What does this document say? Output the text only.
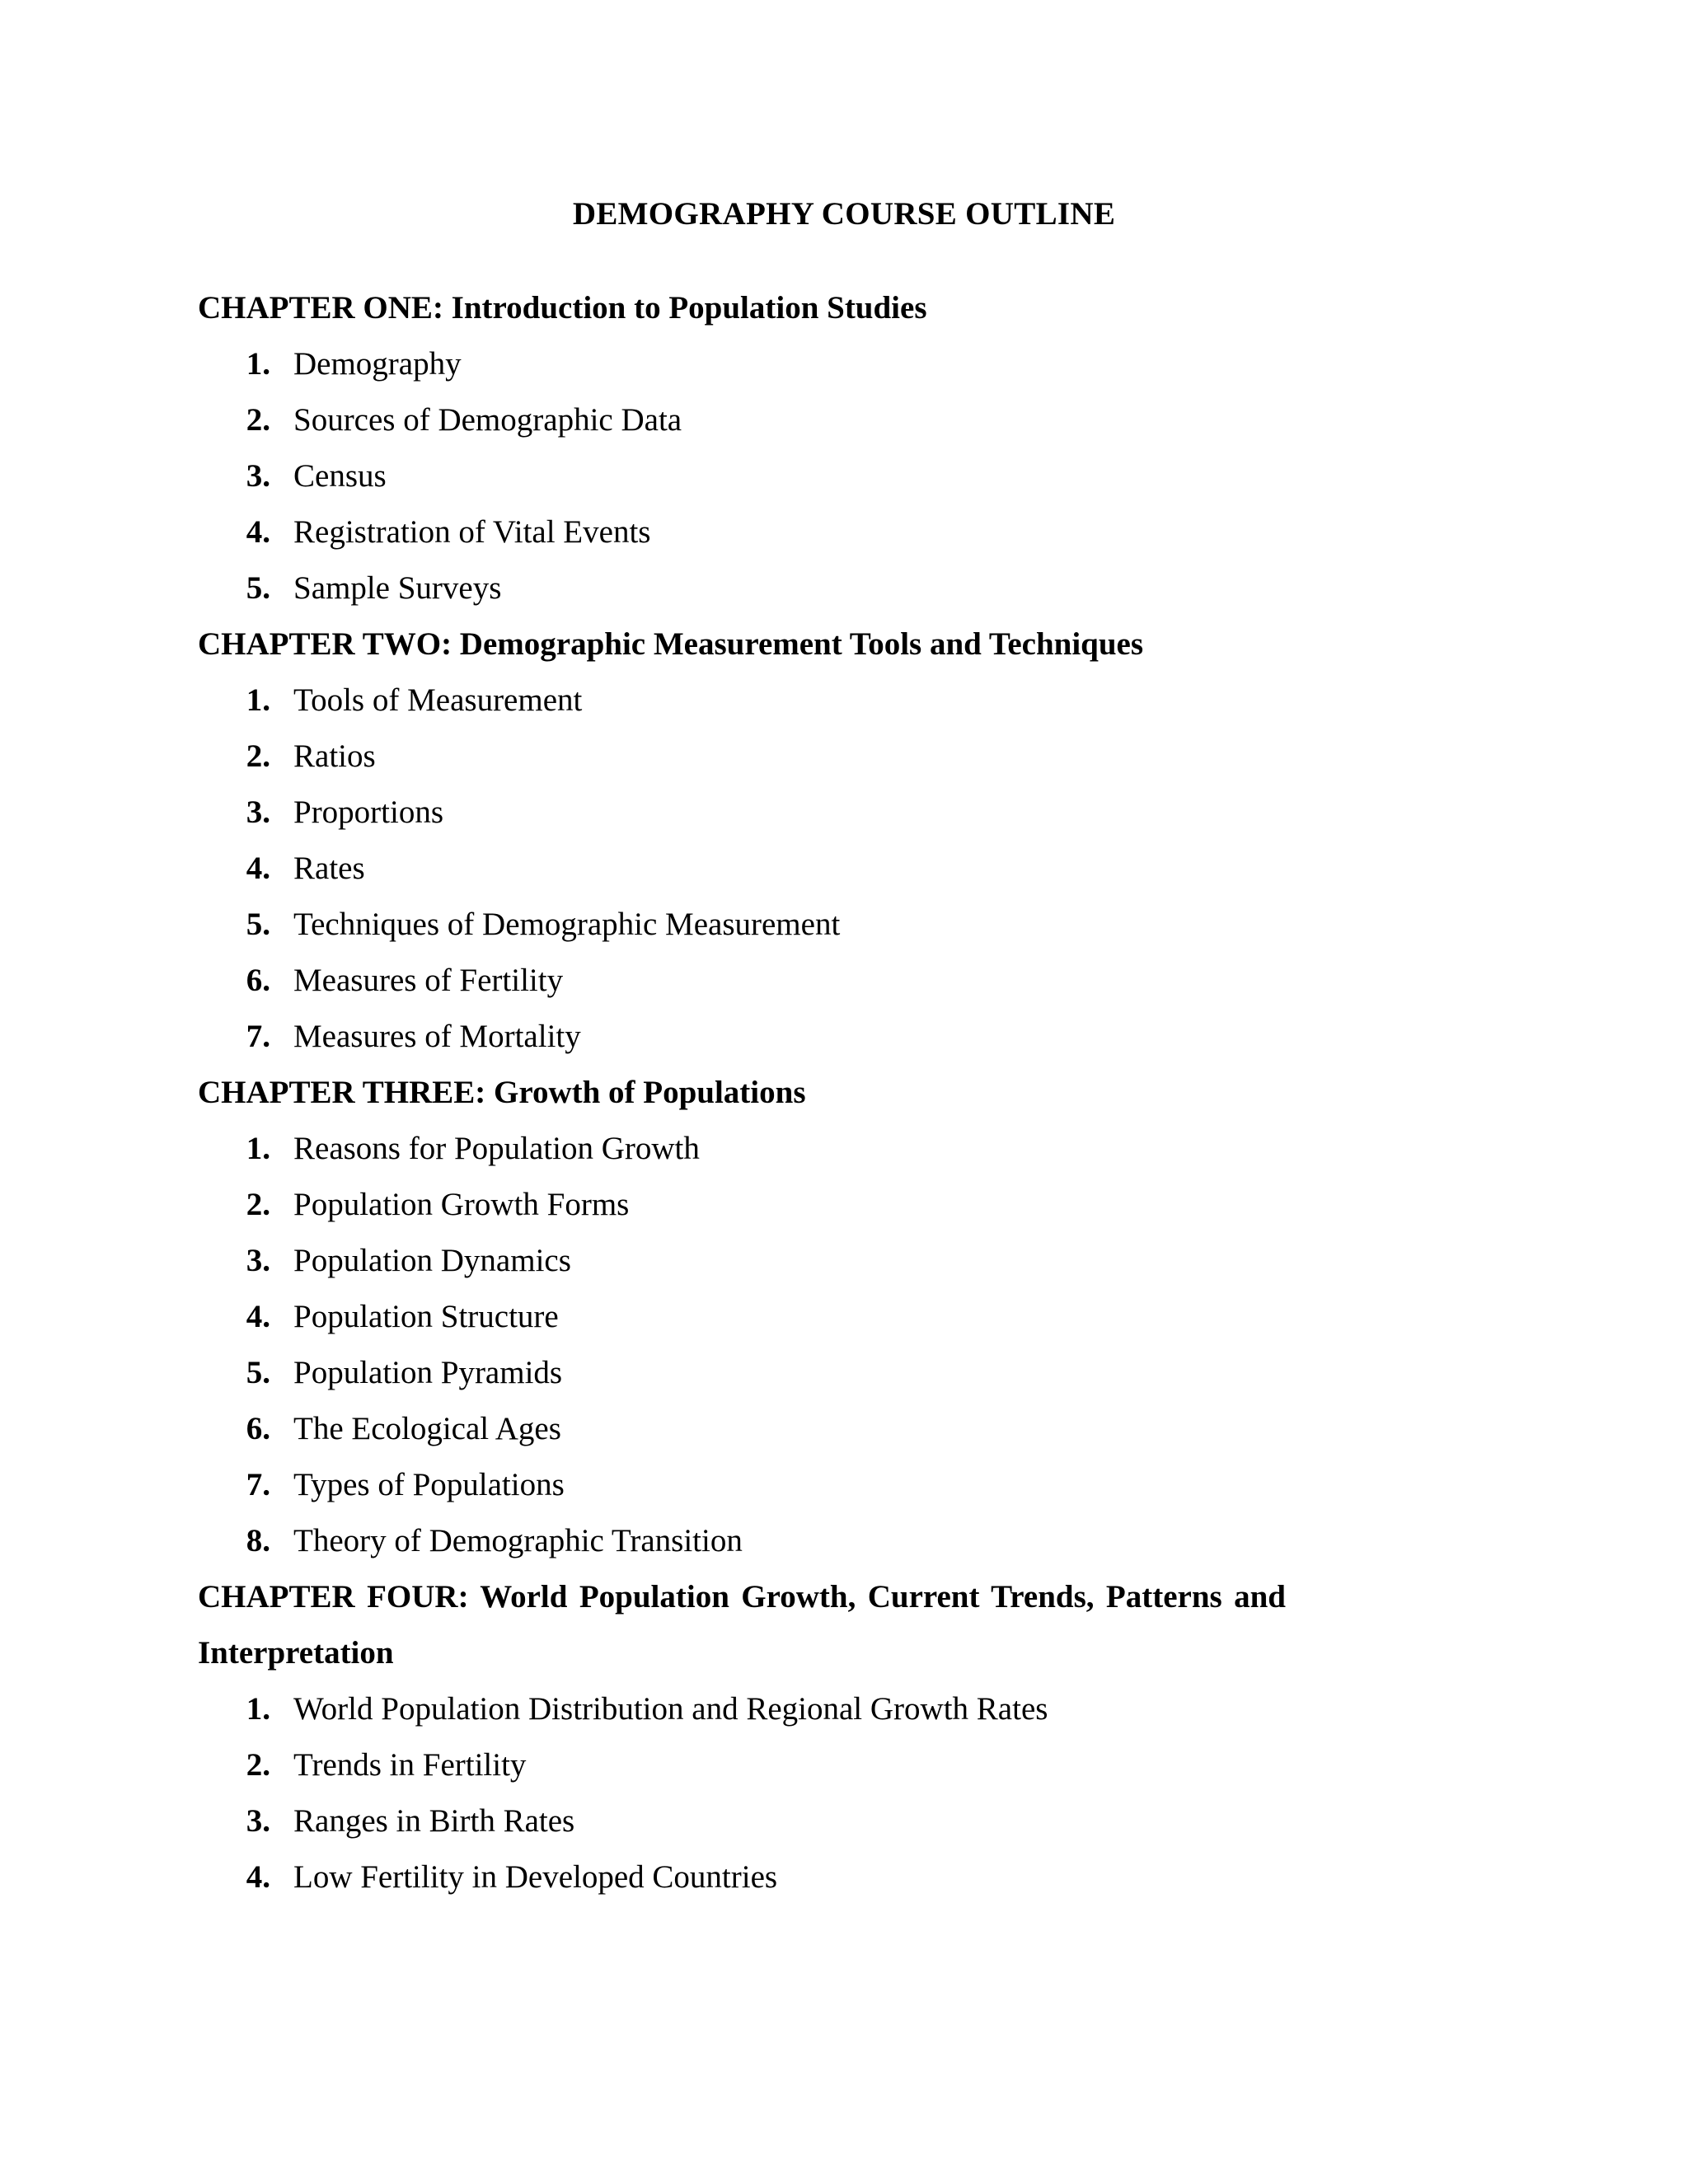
DEMOGRAPHY COURSE OUTLINE
CHAPTER ONE: Introduction to Population Studies
1. Demography
2. Sources of Demographic Data
3. Census
4. Registration of Vital Events
5. Sample Surveys
CHAPTER TWO: Demographic Measurement Tools and Techniques
1. Tools of Measurement
2. Ratios
3. Proportions
4. Rates
5. Techniques of Demographic Measurement
6. Measures of Fertility
7. Measures of Mortality
CHAPTER THREE: Growth of Populations
1. Reasons for Population Growth
2. Population Growth Forms
3. Population Dynamics
4. Population Structure
5. Population Pyramids
6. The Ecological Ages
7. Types of Populations
8. Theory of Demographic Transition
CHAPTER FOUR: World Population Growth, Current Trends, Patterns and
Interpretation
1. World Population Distribution and Regional Growth Rates
2. Trends in Fertility
3. Ranges in Birth Rates
4. Low Fertility in Developed Countries
